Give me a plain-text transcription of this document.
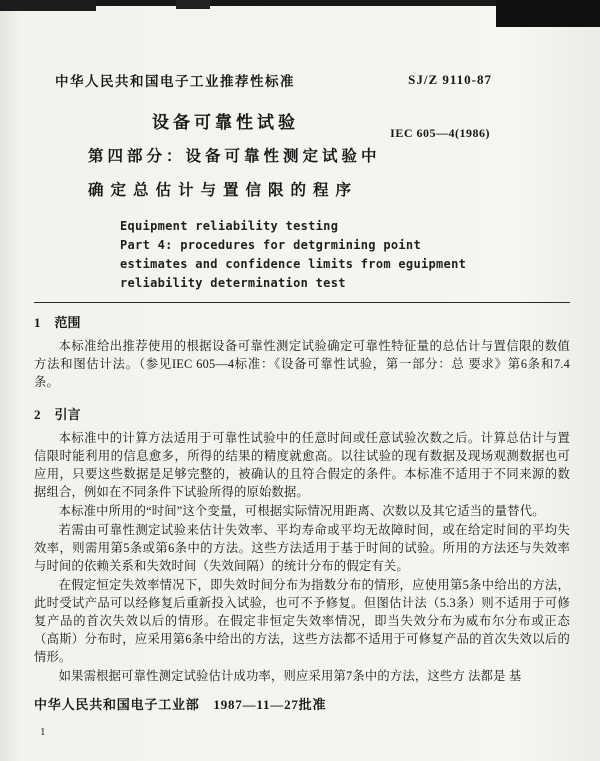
中华人民共和国电子工业推荐性标准	SJ/Z 9110-87
IEC 605—4(1986)
设备可靠性试验
第四部分：设备可靠性测定试验中
确定总估计与置信限的程序
Equipment reliability testing
Part 4: procedures for detgrmining point
estimates and confidence limits from eguipment
reliability determination test
1 范围

本标准给出推荐使用的根据设备可靠性测定试验确定可靠性特征量的总估计与置信限的数值方法和图估计法。（参见IEC 605—4标准：《设备可靠性试验，第一部分：总 要求》第6条和7.4条。

2 引言

本标准中的计算方法适用于可靠性试验中的任意时间或任意试验次数之后。计算总估计与置信限时能利用的信息愈多，所得的结果的精度就愈高。以往试验的现有数据及现场观测数据也可应用，只要这些数据是足够完整的，被确认的且符合假定的条件。本标准不适用于不同来源的数据组合，例如在不同条件下试验所得的原始数据。

本标准中所用的“时间”这个变量，可根据实际情况用距离、次数以及其它适当的量替代。

若需由可靠性测定试验来估计失效率、平均寿命或平均无故障时间，或在给定时间的平均失效率，则需用第5条或第6条中的方法。这些方法适用于基于时间的试验。所用的方法还与失效率与时间的依赖关系和失效时间（失效间隔）的统计分布的假定有关。

在假定恒定失效率情况下，即失效时间分布为指数分布的情形，应使用第5条中给出的方法，此时受试产品可以经修复后重新投入试验，也可不予修复。但图估计法（5.3条）则不适用于可修复产品的首次失效以后的情形。在假定非恒定失效率情况，即当失效分布为威布尔分布或正态（高斯）分布时，应采用第6条中给出的方法，这些方法都不适用于可修复产品的首次失效以后的情形。

如果需根据可靠性测定试验估计成功率，则应采用第7条中的方法，这些方 法都是 基

中华人民共和国电子工业部　1987—11—27批准
1
